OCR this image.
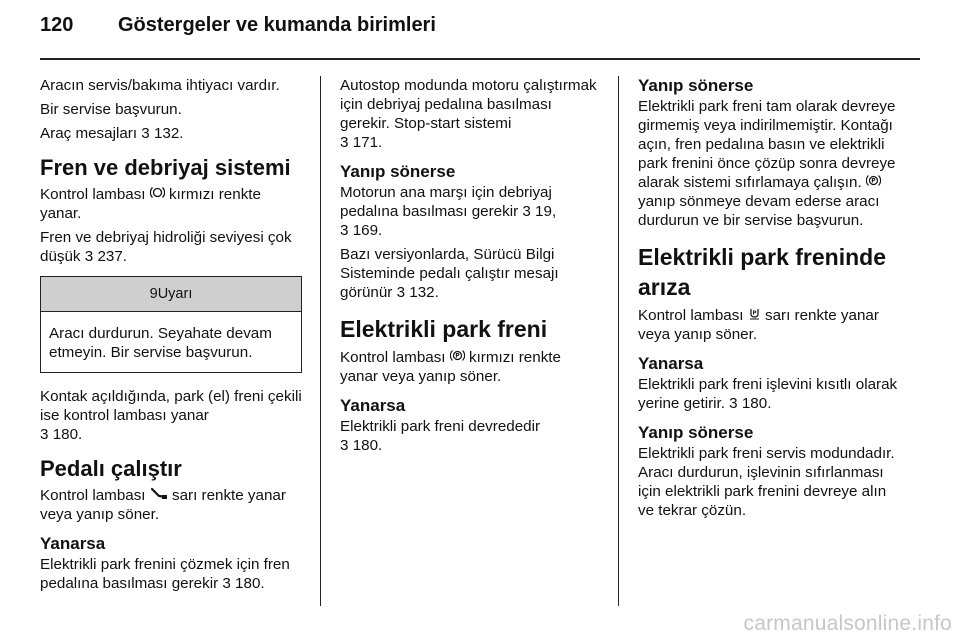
120	Göstergeler ve kumanda birimleri

Aracın servis/bakıma ihtiyacı vardır.

Bir servise başvurun.

Araç mesajları 3 132.

Fren ve debriyaj sistemi

Kontrol lambası  kırmızı renkte yanar.

Fren ve debriyaj hidroliği seviyesi çok düşük 3 237.

9Uyarı
Aracı durdurun. Seyahate devam etmeyin. Bir servise başvurun.

Kontak açıldığında, park (el) freni çekili ise kontrol lambası yanar
3 180.

Pedalı çalıştır

Kontrol lambası  sarı renkte yanar veya yanıp söner.

Yanarsa

Elektrikli park frenini çözmek için fren pedalına basılması gerekir 3 180.

Autostop modunda motoru çalıştırmak için debriyaj pedalına basılması gerekir. Stop-start sistemi
3 171.

Yanıp sönerse

Motorun ana marşı için debriyaj pedalına basılması gerekir 3 19,
3 169.

Bazı versiyonlarda, Sürücü Bilgi Sisteminde pedalı çalıştır mesajı görünür 3 132.

Elektrikli park freni

Kontrol lambası P kırmızı renkte yanar veya yanıp söner.

Yanarsa

Elektrikli park freni devrededir
3 180.

Yanıp sönerse

Elektrikli park freni tam olarak devreye girmemiş veya indirilmemiştir. Kontağı açın, fren pedalına basın ve elektrikli park frenini önce çözüp sonra devreye alarak sistemi sıfırlamaya çalışın. P
yanıp sönmeye devam ederse aracı durdurun ve bir servise başvurun.

Elektrikli park freninde arıza

Kontrol lambası P sarı renkte yanar veya yanıp söner.

Yanarsa

Elektrikli park freni işlevini kısıtlı olarak yerine getirir. 3 180.

Yanıp sönerse

Elektrikli park freni servis modundadır. Aracı durdurun, işlevinin sıfırlanması için elektrikli park frenini devreye alın ve tekrar çözün.

carmanualsonline.info
